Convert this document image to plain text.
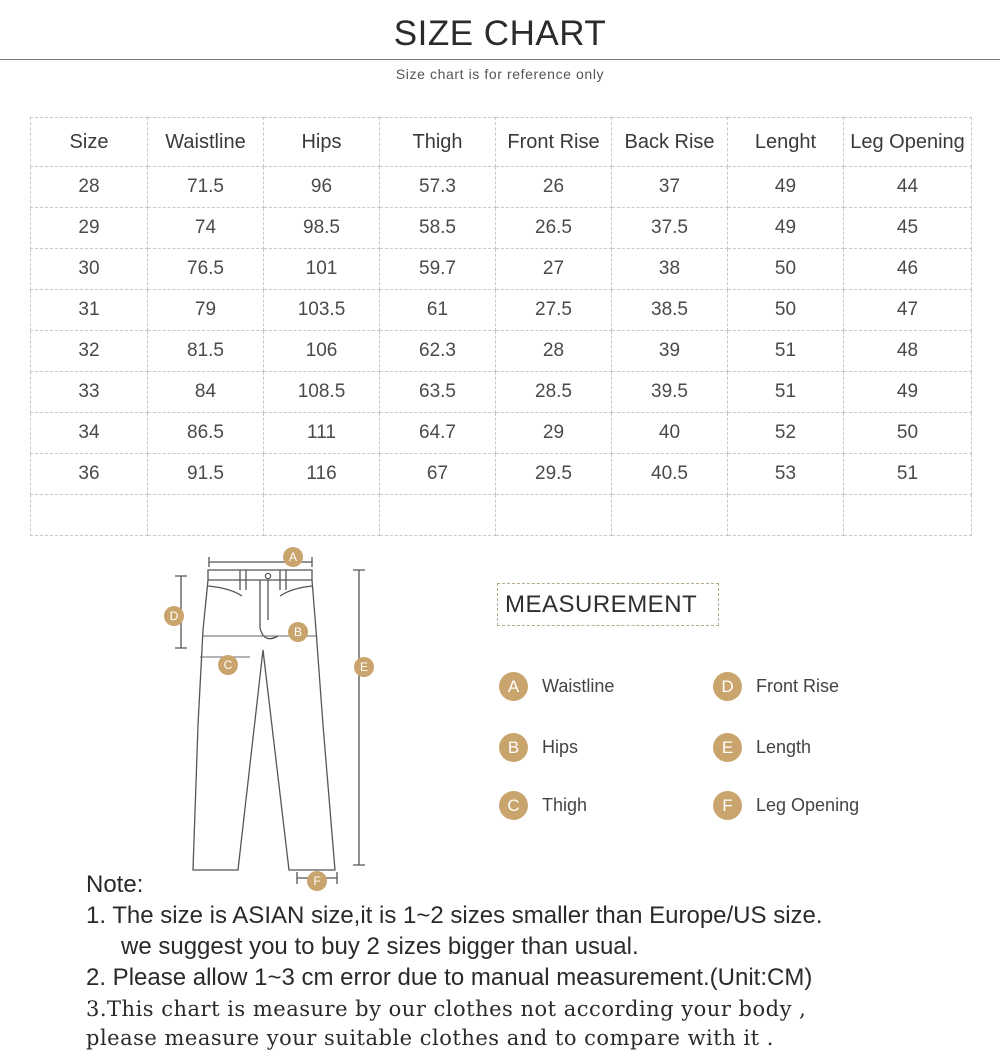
SIZE CHART
Size chart is for reference only
Size	Waistline	Hips	Thigh	Front Rise	Back Rise	Lenght	Leg Opening
28	71.5	96	57.3	26	37	49	44
29	74	98.5	58.5	26.5	37.5	49	45
30	76.5	101	59.7	27	38	50	46
31	79	103.5	61	27.5	38.5	50	47
32	81.5	106	62.3	28	39	51	48
33	84	108.5	63.5	28.5	39.5	51	49
34	86.5	111	64.7	29	40	52	50
36	91.5	116	67	29.5	40.5	53	51

A
B
C
D
E
F
MEASUREMENT
A	Waistline
B	Hips
C	Thigh
D	Front Rise
E	Length
F	Leg Opening
Note:
1. The size is ASIAN size,it is 1~2 sizes smaller than Europe/US size.
we suggest you to buy 2 sizes bigger than usual.
2. Please allow 1~3 cm error due to manual measurement.(Unit:CM)
3.This chart is measure by our clothes not according your body ,
please measure your suitable clothes and to compare with it .
